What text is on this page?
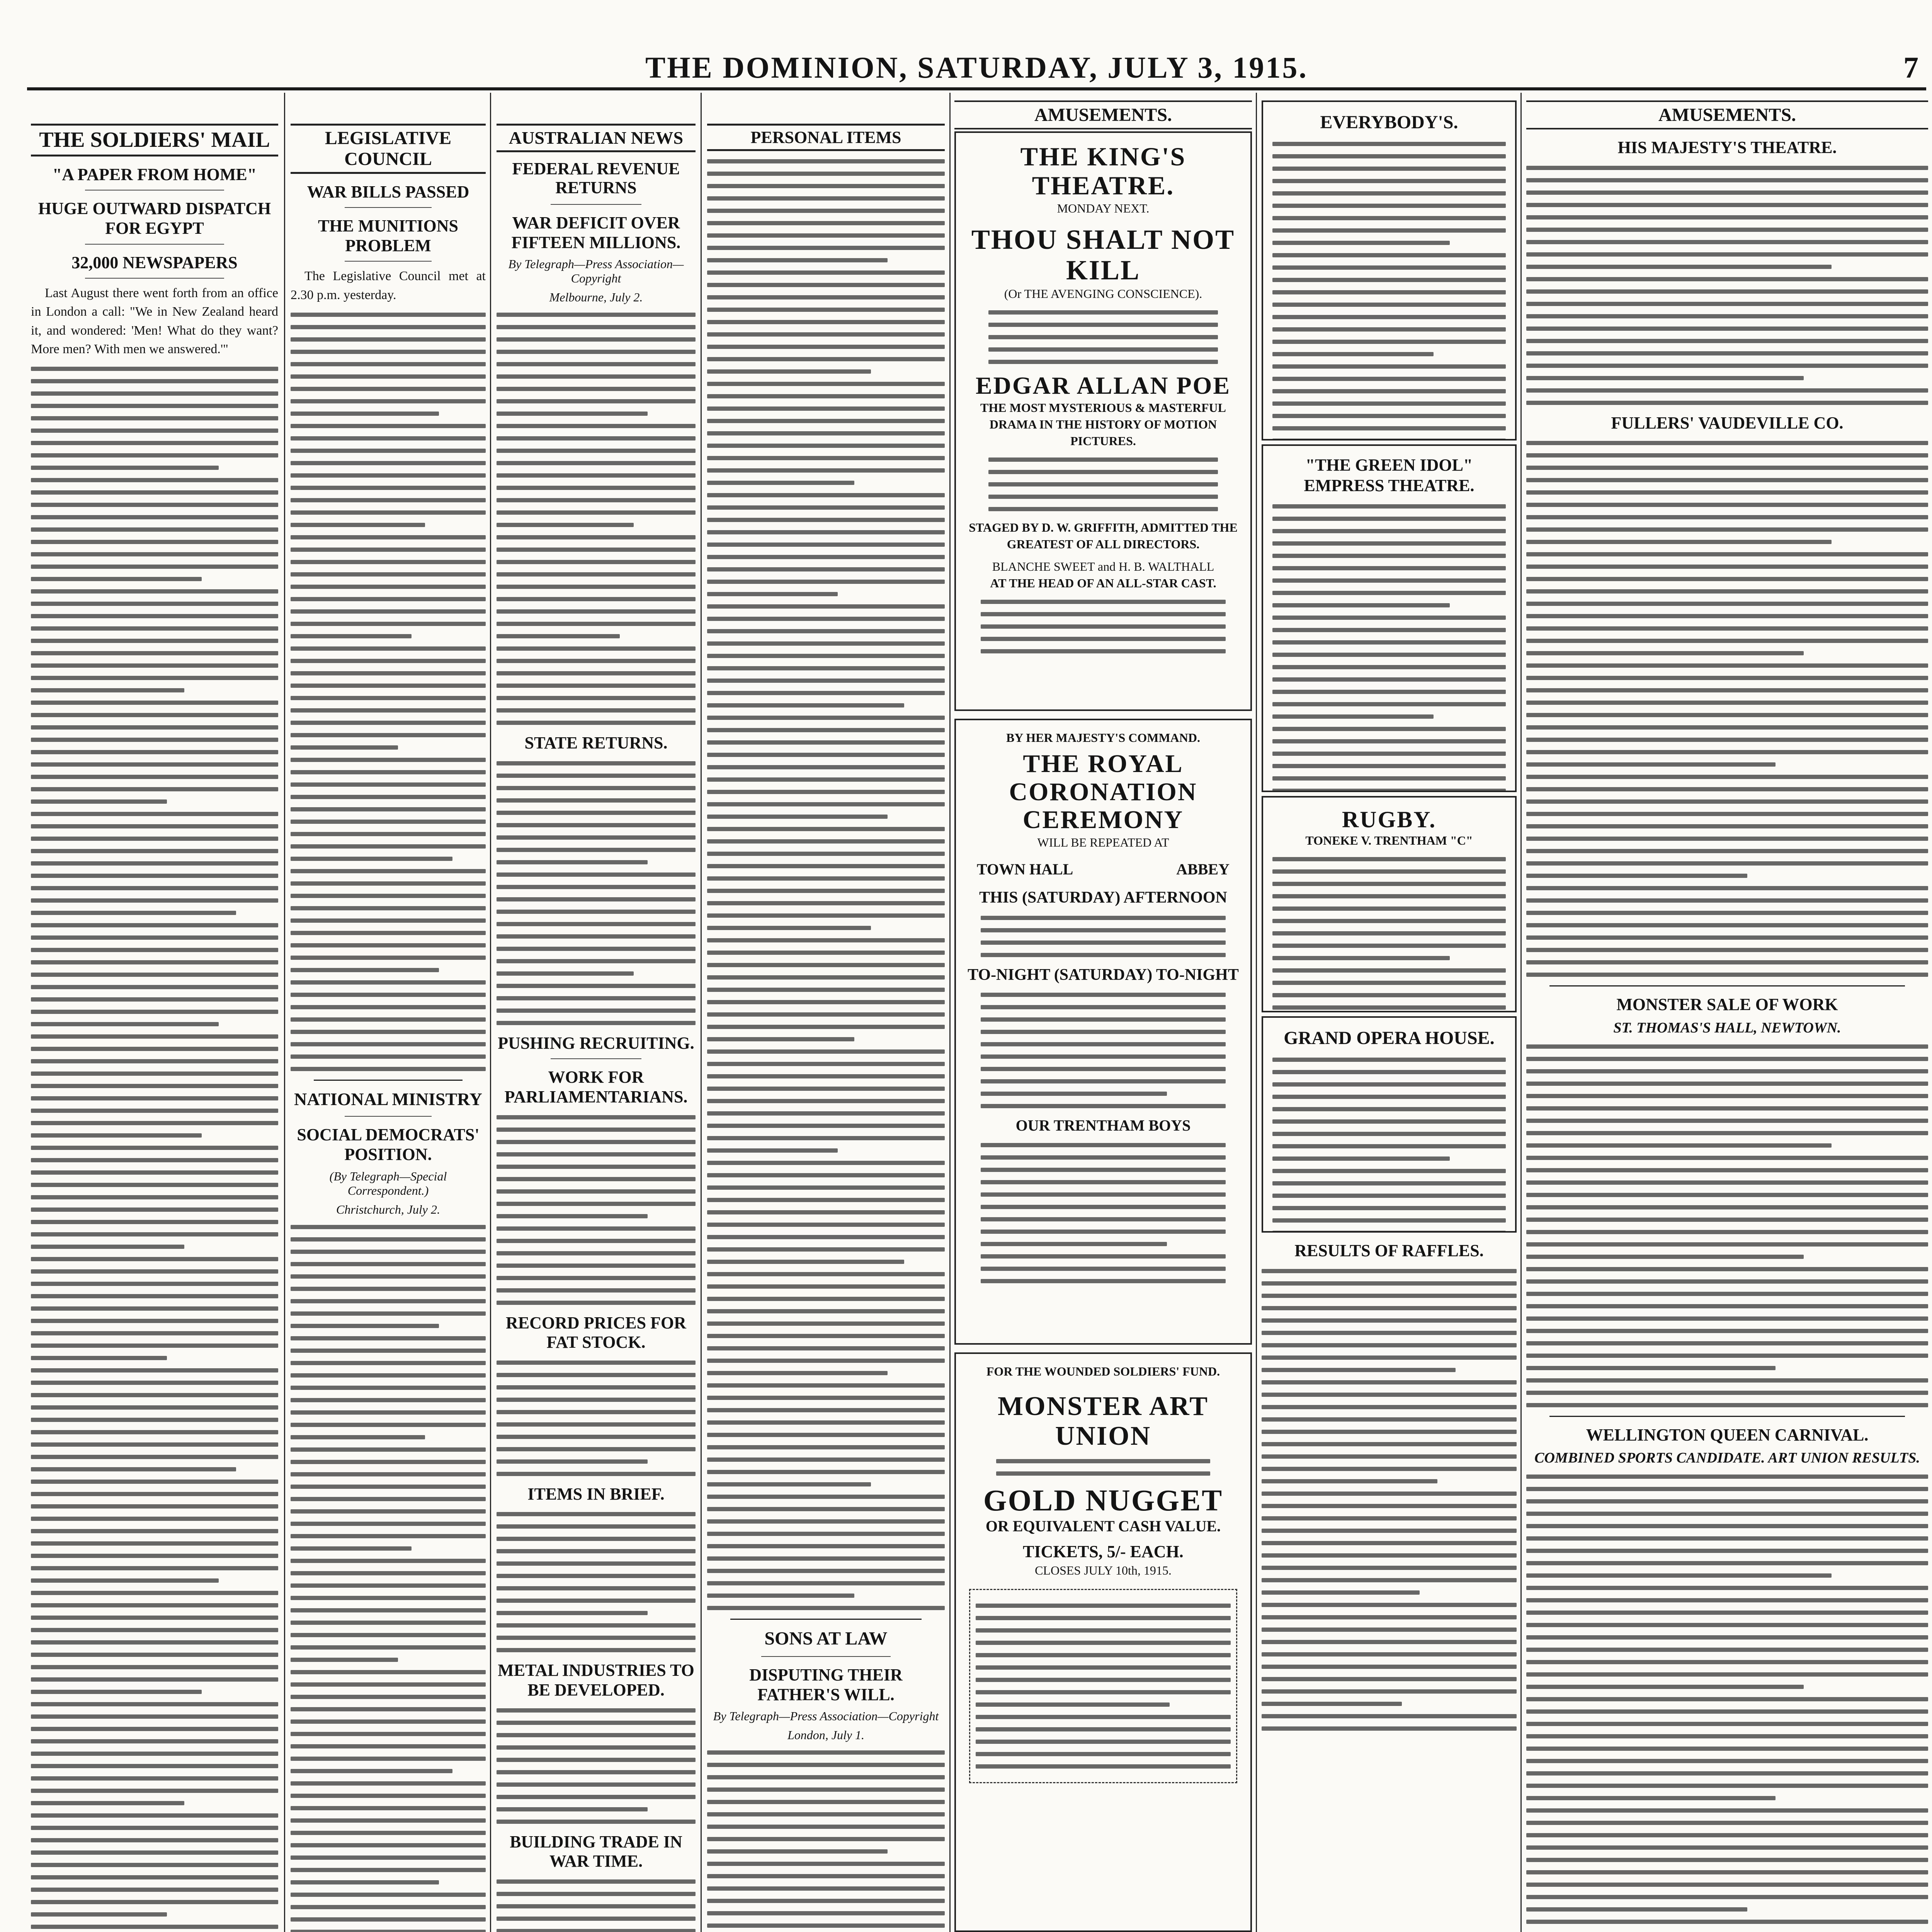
THE DOMINION, SATURDAY, JULY 3, 1915.	7
THE SOLDIERS' MAIL
"A PAPER FROM HOME"
HUGE OUTWARD DISPATCH FOR EGYPT
32,000 NEWSPAPERS

Last August there went forth from an office in London a call: "We in New Zealand heard it, and wondered: 'Men! What do they want? More men? With men we answered.'"

LEGISLATIVE COUNCIL
WAR BILLS PASSED
THE MUNITIONS PROBLEM

The Legislative Council met at 2.30 p.m. yesterday.

NATIONAL MINISTRY
SOCIAL DEMOCRATS' POSITION.
(By Telegraph—Special Correspondent.)
Christchurch, July 2.
AUSTRALIAN NEWS
FEDERAL REVENUE RETURNS
WAR DEFICIT OVER FIFTEEN MILLIONS.
By Telegraph—Press Association—Copyright
Melbourne, July 2.
STATE RETURNS.
PUSHING RECRUITING.
WORK FOR PARLIAMENTARIANS.
RECORD PRICES FOR FAT STOCK.
ITEMS IN BRIEF.
METAL INDUSTRIES TO BE DEVELOPED.
BUILDING TRADE IN WAR TIME.
PERSONAL ITEMS
SONS AT LAW
DISPUTING THEIR FATHER'S WILL.
By Telegraph—Press Association—Copyright
London, July 1.
AMUSEMENTS.
THE KING'S THEATRE.
MONDAY NEXT.
THOU SHALT NOT KILL
(Or THE AVENGING CONSCIENCE).
EDGAR ALLAN POE
THE MOST MYSTERIOUS & MASTERFUL DRAMA IN THE HISTORY OF MOTION PICTURES.
STAGED BY D. W. GRIFFITH, ADMITTED THE GREATEST OF ALL DIRECTORS.
BLANCHE SWEET and H. B. WALTHALL
AT THE HEAD OF AN ALL-STAR CAST.
BY HER MAJESTY'S COMMAND.
THE ROYAL CORONATION CEREMONY
WILL BE REPEATED AT
TOWN HALL	ABBEY
THIS (SATURDAY) AFTERNOON
TO-NIGHT (SATURDAY) TO-NIGHT
OUR TRENTHAM BOYS
FOR THE WOUNDED SOLDIERS' FUND.
MONSTER ART UNION
GOLD NUGGET
OR EQUIVALENT CASH VALUE.
TICKETS, 5/- EACH.
CLOSES JULY 10th, 1915.
EVERYBODY'S.
"THE GREEN IDOL"
EMPRESS THEATRE.
RUGBY.
TONEKE V. TRENTHAM "C"
GRAND OPERA HOUSE.
RESULTS OF RAFFLES.
AMUSEMENTS.
HIS MAJESTY'S THEATRE.
FULLERS' VAUDEVILLE CO.
MONSTER SALE OF WORK
ST. THOMAS'S HALL, NEWTOWN.
WELLINGTON QUEEN CARNIVAL.
COMBINED SPORTS CANDIDATE. ART UNION RESULTS.
